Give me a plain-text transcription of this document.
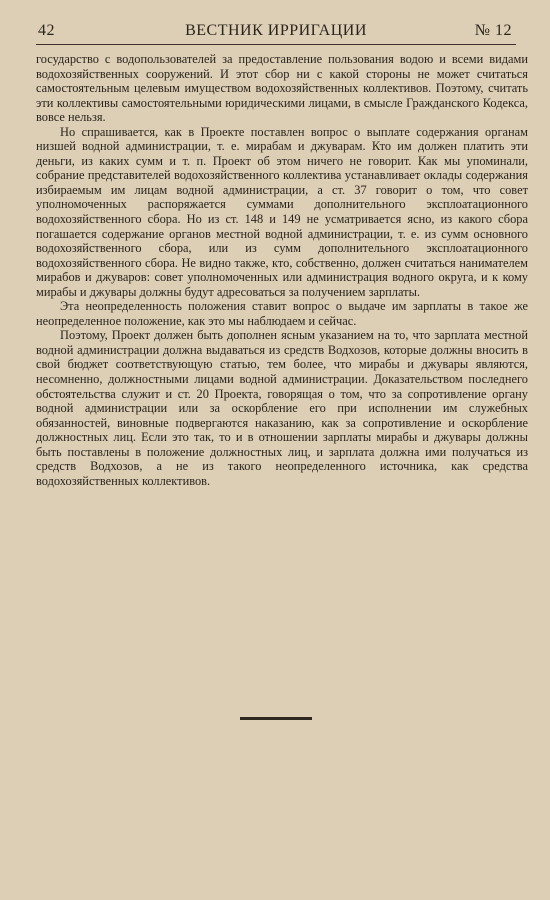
ВЕСТНИК ИРРИГАЦИИ
42	№ 12

государство с водопользователей за предоставление пользования водою и всеми видами водохозяйственных сооружений. И этот сбор ни с какой стороны не может считаться самостоятельным целевым имуществом водохозяйственных коллективов. Поэтому, считать эти коллективы самостоятельными юридическими лицами, в смысле Гражданского Кодекса, вовсе нельзя.

Но спрашивается, как в Проекте поставлен вопрос о выплате содержания органам низшей водной администрации, т. е. мирабам и джуварам. Кто им должен платить эти деньги, из каких сумм и т. п. Проект об этом ничего не говорит. Как мы упоминали, собрание представителей водохозяйственного коллектива устанавливает оклады содержания избираемым им лицам водной администрации, а ст. 37 говорит о том, что совет уполномоченных распоряжается суммами дополнительного эксплоатационного водохозяйственного сбора. Но из ст. 148 и 149 не усматривается ясно, из какого сбора погашается содержание органов местной водной администрации, т. е. из сумм основного водохозяйственного сбора, или из сумм дополнительного эксплоатационного водохозяйственного сбора. Не видно также, кто, собственно, должен считаться нанимателем мирабов и джуваров: совет уполномоченных или администрация водного округа, и к кому мирабы и джувары должны будут адресоваться за получением зарплаты.

Эта неопределенность положения ставит вопрос о выдаче им зарплаты в такое же неопределенное положение, как это мы наблюдаем и сейчас.

Поэтому, Проект должен быть дополнен ясным указанием на то, что зарплата местной водной администрации должна выдаваться из средств Водхозов, которые должны вносить в свой бюджет соответствующую статью, тем более, что мирабы и джувары являются, несомненно, должностными лицами водной администрации. Доказательством последнего обстоятельства служит и ст. 20 Проекта, говорящая о том, что за сопротивление органу водной администрации или за оскорбление его при исполнении им служебных обязанностей, виновные подвергаются наказанию, как за сопротивление и оскорбление должностных лиц. Если это так, то и в отношении зарплаты мирабы и джувары должны быть поставлены в положение должностных лиц, и зарплата должна ими получаться из средств Водхозов, а не из такого неопределенного источника, как средства водохозяйственных коллективов.
